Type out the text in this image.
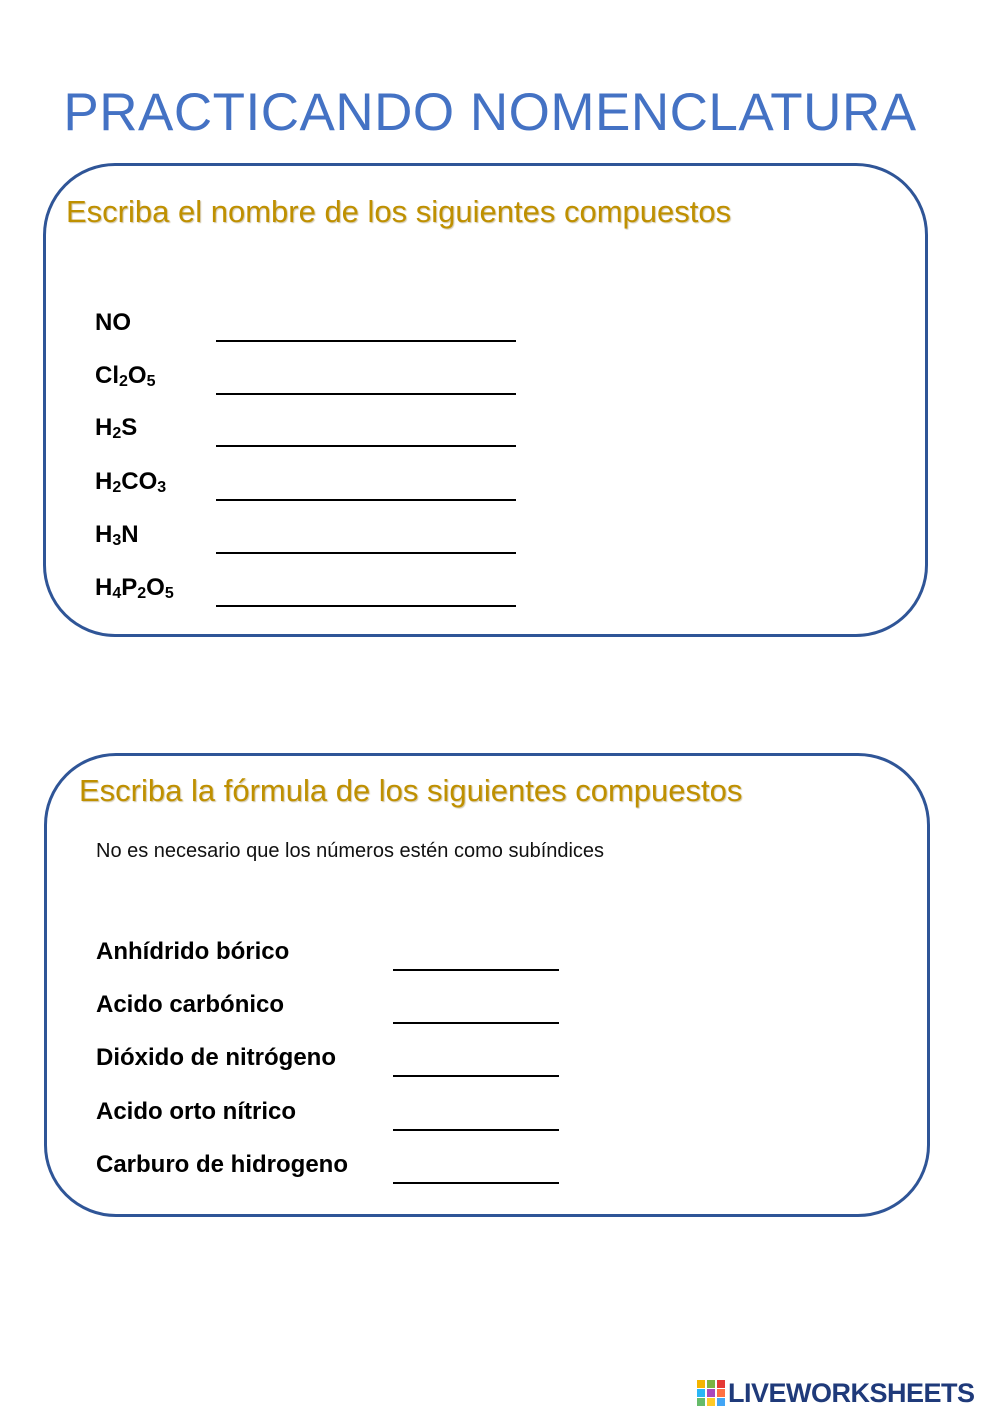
PRACTICANDO NOMENCLATURA
Escriba el nombre de los siguientes compuestos
NO
$Cl_2O_5$
$H_2S$
$H_2CO_3$
$H_3N$
$H_4P_2O_5$
Escriba la fórmula de los siguientes compuestos
No es necesario que los números estén como subíndices
Anhídrido bórico
Acido carbónico
Dióxido de nitrógeno
Acido orto nítrico
Carburo de hidrogeno
LIVEWORKSHEETS
